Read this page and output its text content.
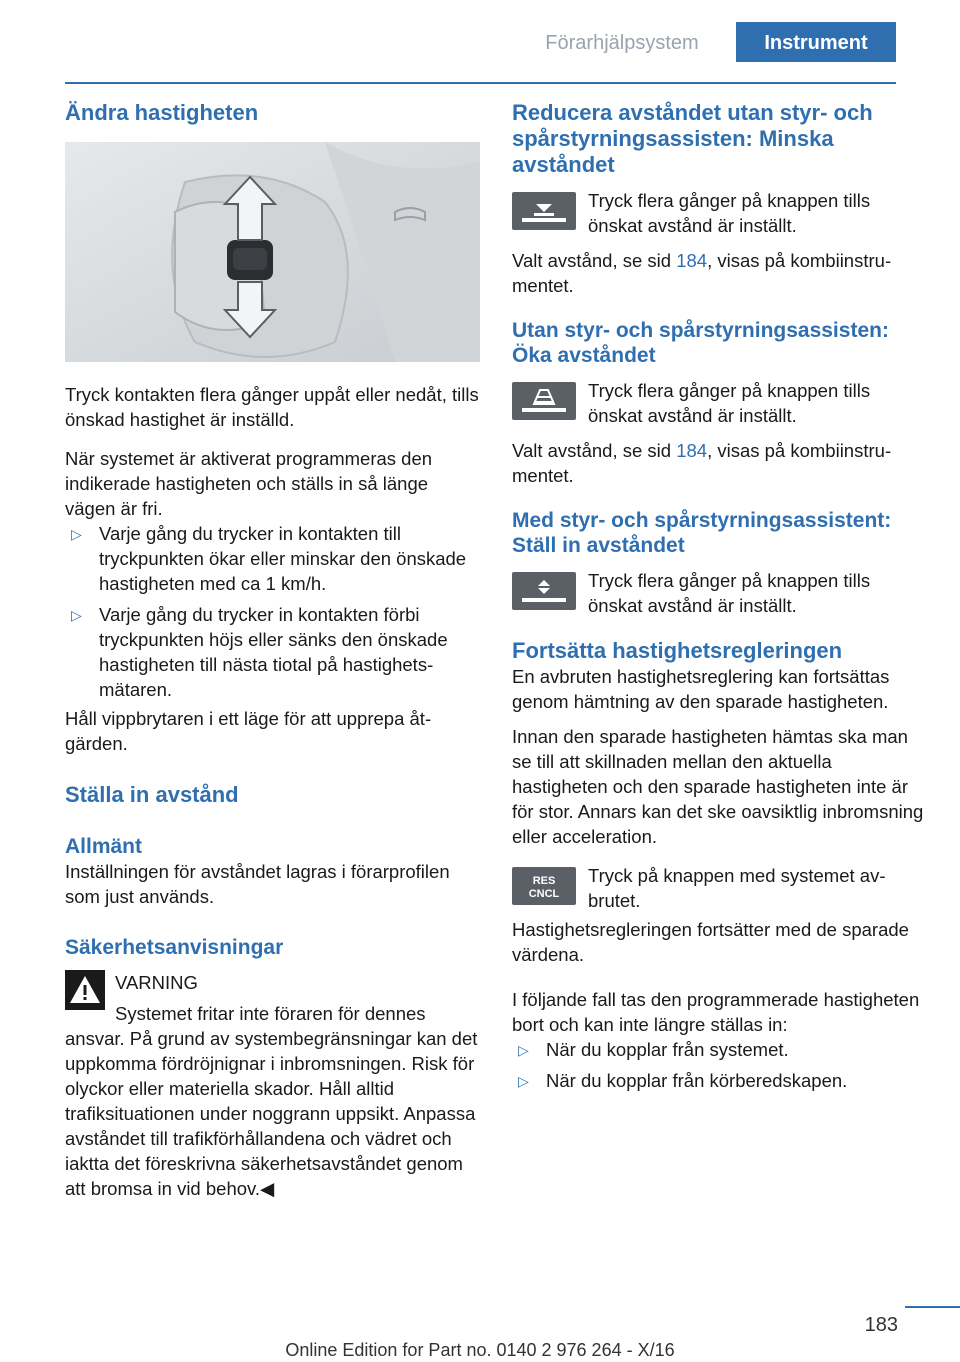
Förarhjälpsystem	Instrument
Ändra hastigheten

Tryck kontakten flera gånger uppåt eller nedåt, tills önskad hastighet är inställd.

När systemet är aktiverat programmeras den indikerade hastigheten och ställs in så länge vägen är fri.

▷ Varje gång du trycker in kontakten till tryckpunkten ökar eller minskar den önskade hastigheten med ca 1 km/h.
▷ Varje gång du trycker in kontakten förbi tryckpunkten höjs eller sänks den önskade hastigheten till nästa tiotal på hastighetsmätaren.

Håll vippbrytaren i ett läge för att upprepa åtgärden.

Ställa in avstånd
Allmänt

Inställningen för avståndet lagras i förarprofilen som just används.

Säkerhetsanvisningar

VARNING

Systemet fritar inte föraren för dennes ansvar. På grund av systembegränsningar kan det uppkomma fördröjnignar i inbromsningen. Risk för olyckor eller materiella skador. Håll alltid trafiksituationen under noggrann uppsikt. Anpassa avståndet till trafikförhållandena och vädret och iaktta det föreskrivna säkerhetsavståndet genom att bromsa in vid behov.◀

Reducera avståndet utan styr- och spårstyrningsassisten: Minska avståndet

Tryck flera gånger på knappen tills önskat avstånd är inställt.

Valt avstånd, se sid 184, visas på kombiinstrumentet.

Utan styr- och spårstyrningsassisten: Öka avståndet

Tryck flera gånger på knappen tills önskat avstånd är inställt.

Valt avstånd, se sid 184, visas på kombiinstrumentet.

Med styr- och spårstyrningsassistent: Ställ in avståndet

Tryck flera gånger på knappen tills önskat avstånd är inställt.

Fortsätta hastighetsregleringen

En avbruten hastighetsreglering kan fortsättas genom hämtning av den sparade hastigheten.

Innan den sparade hastigheten hämtas ska man se till att skillnaden mellan den aktuella hastigheten och den sparade hastigheten inte är för stor. Annars kan det ske oavsiktlig inbromsning eller acceleration.

RES
CNCL

Tryck på knappen med systemet avbrutet.

Hastighetsregleringen fortsätter med de sparade värdena.

I följande fall tas den programmerade hastigheten bort och kan inte längre ställas in:

▷ När du kopplar från systemet.
▷ När du kopplar från körberedskapen.
183
Online Edition for Part no. 0140 2 976 264 - X/16
